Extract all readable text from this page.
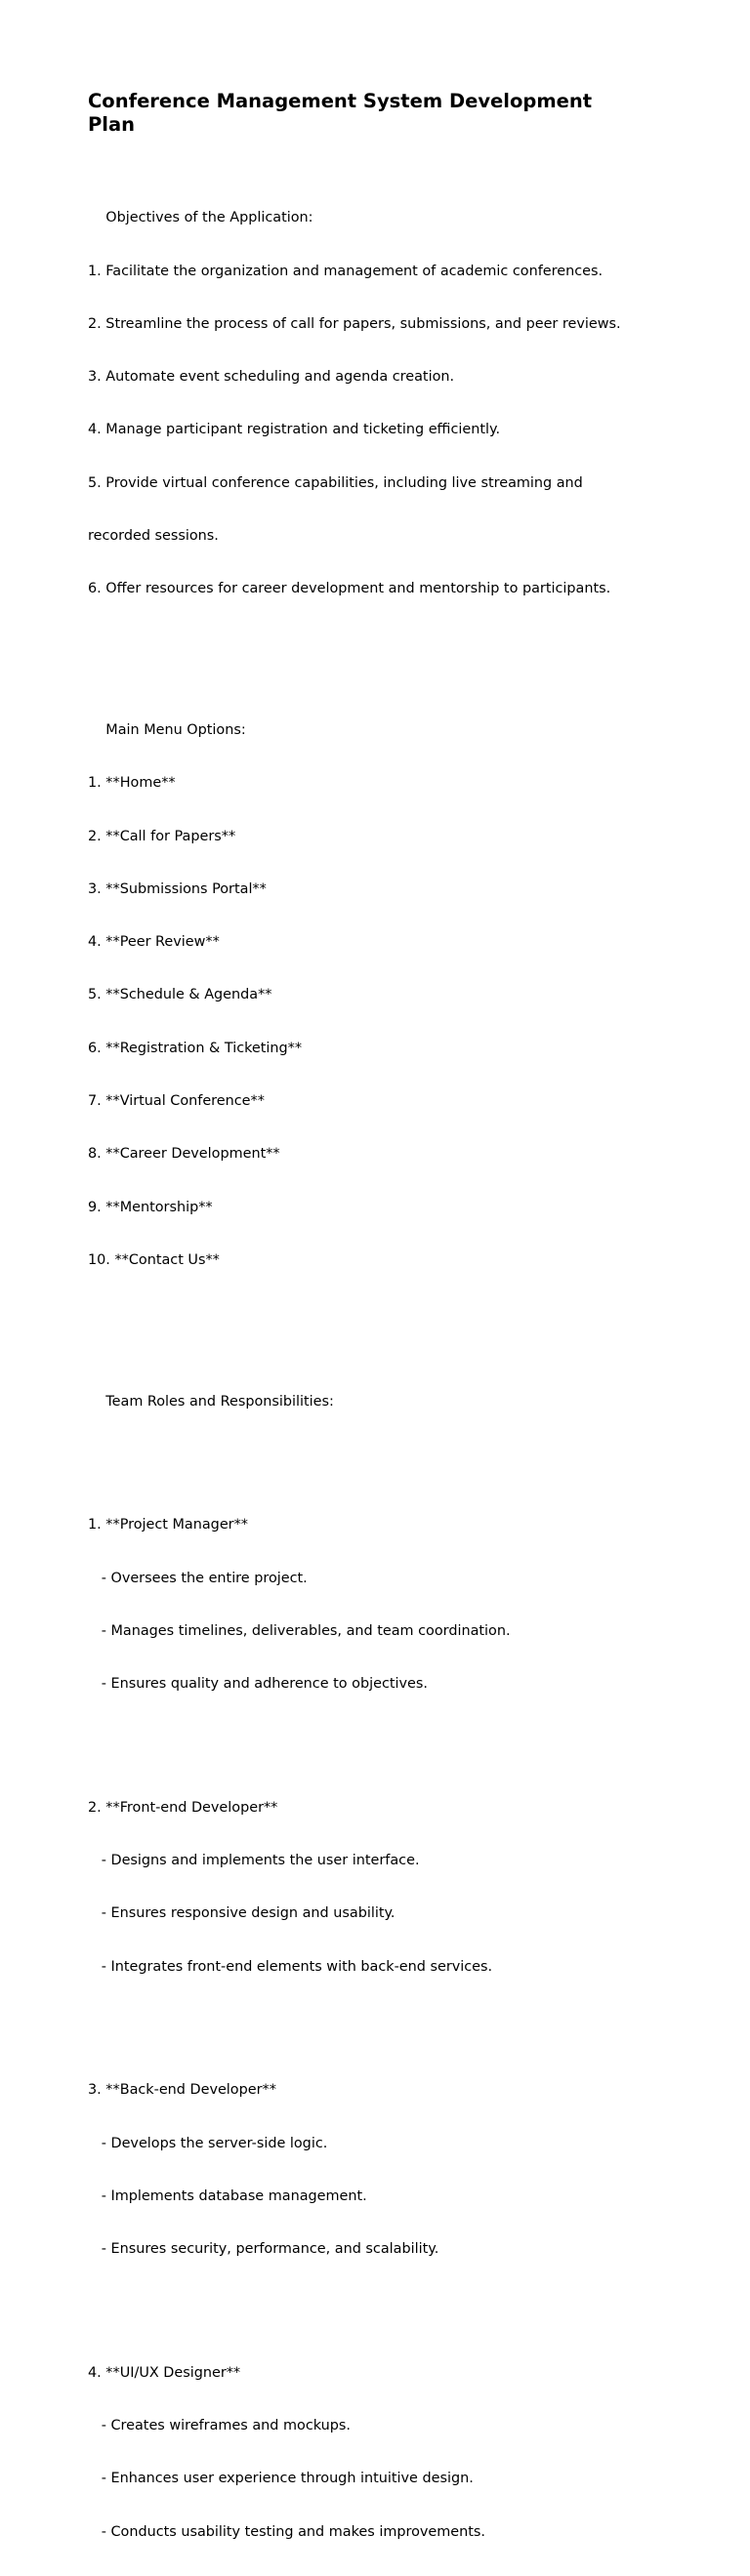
Conference Management System Development Plan

Objectives of the Application:

1. Facilitate the organization and management of academic conferences.

2. Streamline the process of call for papers, submissions, and peer reviews.

3. Automate event scheduling and agenda creation.

4. Manage participant registration and ticketing efficiently.

5. Provide virtual conference capabilities, including live streaming and

recorded sessions.

6. Offer resources for career development and mentorship to participants.

Main Menu Options:

1. **Home**

2. **Call for Papers**

3. **Submissions Portal**

4. **Peer Review**

5. **Schedule & Agenda**

6. **Registration & Ticketing**

7. **Virtual Conference**

8. **Career Development**

9. **Mentorship**

10. **Contact Us**

Team Roles and Responsibilities:

1. **Project Manager**

- Oversees the entire project.

- Manages timelines, deliverables, and team coordination.

- Ensures quality and adherence to objectives.

2. **Front-end Developer**

- Designs and implements the user interface.

- Ensures responsive design and usability.

- Integrates front-end elements with back-end services.

3. **Back-end Developer**

- Develops the server-side logic.

- Implements database management.

- Ensures security, performance, and scalability.

4. **UI/UX Designer**

- Creates wireframes and mockups.

- Enhances user experience through intuitive design.

- Conducts usability testing and makes improvements.
